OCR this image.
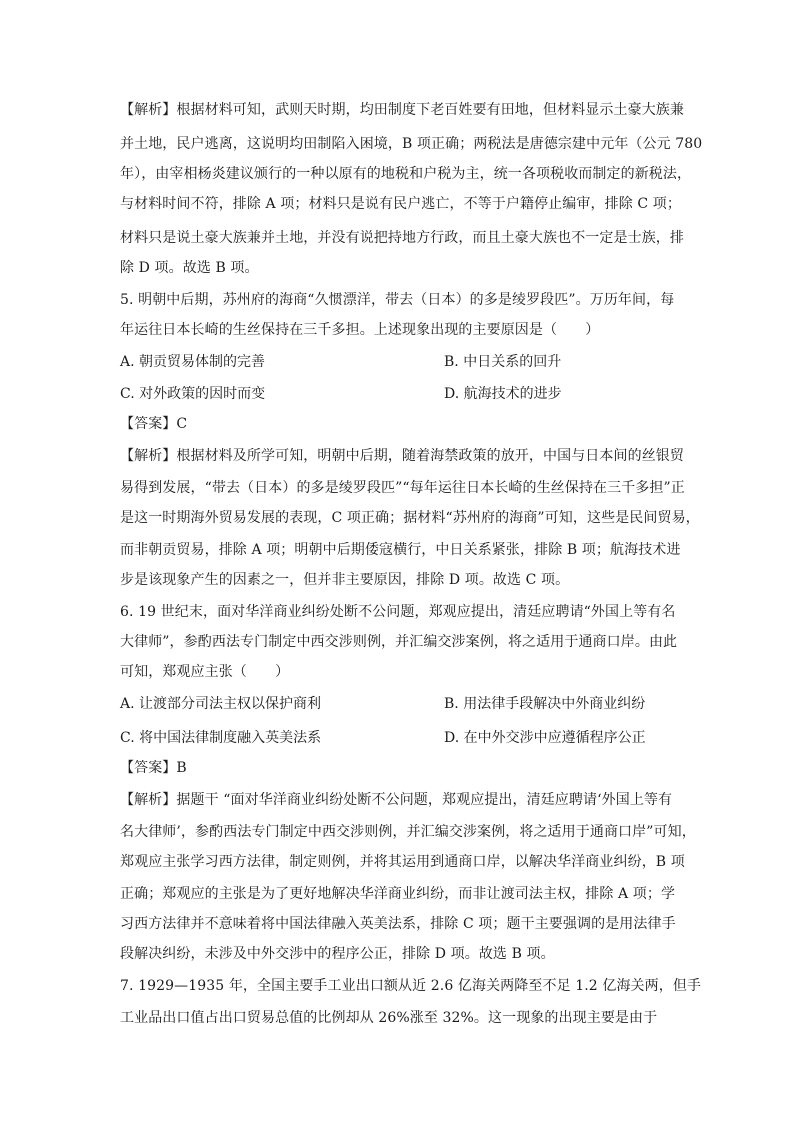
【解析】根据材料可知，武则天时期，均田制度下老百姓要有田地，但材料显示土豪大族兼
并土地，民户逃离，这说明均田制陷入困境，B 项正确；两税法是唐德宗建中元年（公元 780
年），由宰相杨炎建议颁行的一种以原有的地税和户税为主，统一各项税收而制定的新税法，
与材料时间不符，排除 A 项；材料只是说有民户逃亡，不等于户籍停止编审，排除 C 项；
材料只是说土豪大族兼并土地，并没有说把持地方行政，而且土豪大族也不一定是士族，排
除 D 项。故选 B 项。
5. 明朝中后期，苏州府的海商“久惯漂洋，带去（日本）的多是绫罗段匹”。万历年间，每
年运往日本长崎的生丝保持在三千多担。上述现象出现的主要原因是（　　）
A. 朝贡贸易体制的完善	B. 中日关系的回升
C. 对外政策的因时而变	D. 航海技术的进步
【答案】C
【解析】根据材料及所学可知，明朝中后期，随着海禁政策的放开，中国与日本间的丝银贸
易得到发展，“带去（日本）的多是绫罗段匹”“每年运往日本长崎的生丝保持在三千多担”正
是这一时期海外贸易发展的表现，C 项正确；据材料“苏州府的海商”可知，这些是民间贸易，
而非朝贡贸易，排除 A 项；明朝中后期倭寇横行，中日关系紧张，排除 B 项；航海技术进
步是该现象产生的因素之一，但并非主要原因，排除 D 项。故选 C 项。
6. 19 世纪末，面对华洋商业纠纷处断不公问题，郑观应提出，清廷应聘请“外国上等有名
大律师”，参酌西法专门制定中西交涉则例，并汇编交涉案例，将之适用于通商口岸。由此
可知，郑观应主张（　　）
A. 让渡部分司法主权以保护商利	B. 用法律手段解决中外商业纠纷
C. 将中国法律制度融入英美法系	D. 在中外交涉中应遵循程序公正
【答案】B
【解析】据题干 “面对华洋商业纠纷处断不公问题，郑观应提出，清廷应聘请‘外国上等有
名大律师’，参酌西法专门制定中西交涉则例，并汇编交涉案例，将之适用于通商口岸”可知，
郑观应主张学习西方法律，制定则例，并将其运用到通商口岸，以解决华洋商业纠纷，B 项
正确；郑观应的主张是为了更好地解决华洋商业纠纷，而非让渡司法主权，排除 A 项；学
习西方法律并不意味着将中国法律融入英美法系，排除 C 项；题干主要强调的是用法律手
段解决纠纷，未涉及中外交涉中的程序公正，排除 D 项。故选 B 项。
7. 1929—1935 年，全国主要手工业出口额从近 2.6 亿海关两降至不足 1.2 亿海关两，但手
工业品出口值占出口贸易总值的比例却从 26%涨至 32%。这一现象的出现主要是由于
